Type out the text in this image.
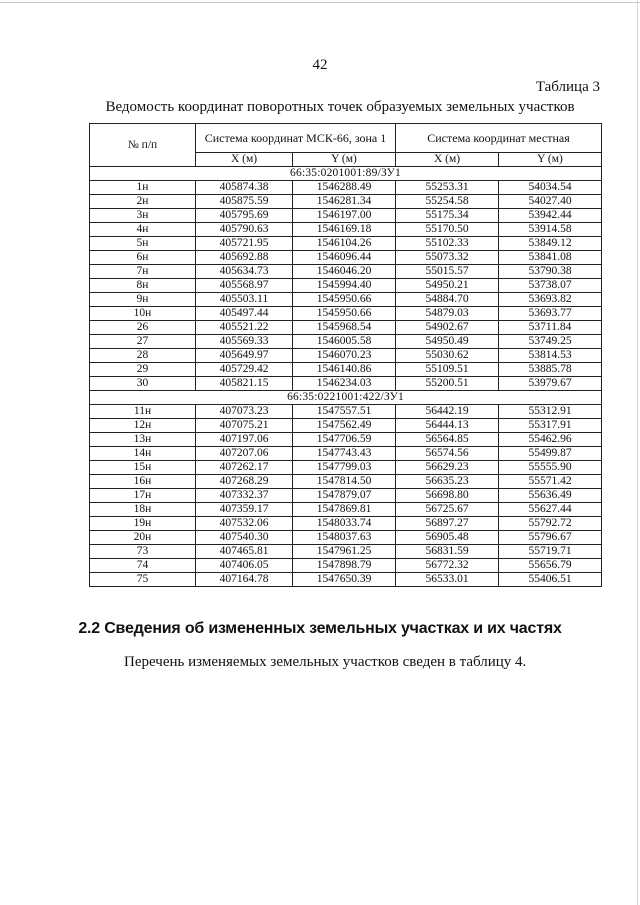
42
Таблица 3
Ведомость координат поворотных точек образуемых земельных участков
№ п/п	Система координат МСК-66, зона 1		Система координат местная	
	X (м)	Y (м)	X (м)	Y (м)
66:35:0201001:89/ЗУ1				
1н	405874.38	1546288.49	55253.31	54034.54
2н	405875.59	1546281.34	55254.58	54027.40
3н	405795.69	1546197.00	55175.34	53942.44
4н	405790.63	1546169.18	55170.50	53914.58
5н	405721.95	1546104.26	55102.33	53849.12
6н	405692.88	1546096.44	55073.32	53841.08
7н	405634.73	1546046.20	55015.57	53790.38
8н	405568.97	1545994.40	54950.21	53738.07
9н	405503.11	1545950.66	54884.70	53693.82
10н	405497.44	1545950.66	54879.03	53693.77
26	405521.22	1545968.54	54902.67	53711.84
27	405569.33	1546005.58	54950.49	53749.25
28	405649.97	1546070.23	55030.62	53814.53
29	405729.42	1546140.86	55109.51	53885.78
30	405821.15	1546234.03	55200.51	53979.67
66:35:0221001:422/ЗУ1				
11н	407073.23	1547557.51	56442.19	55312.91
12н	407075.21	1547562.49	56444.13	55317.91
13н	407197.06	1547706.59	56564.85	55462.96
14н	407207.06	1547743.43	56574.56	55499.87
15н	407262.17	1547799.03	56629.23	55555.90
16н	407268.29	1547814.50	56635.23	55571.42
17н	407332.37	1547879.07	56698.80	55636.49
18н	407359.17	1547869.81	56725.67	55627.44
19н	407532.06	1548033.74	56897.27	55792.72
20н	407540.30	1548037.63	56905.48	55796.67
73	407465.81	1547961.25	56831.59	55719.71
74	407406.05	1547898.79	56772.32	55656.79
75	407164.78	1547650.39	56533.01	55406.51
2.2 Сведения об измененных земельных участках и их частях
Перечень изменяемых земельных участков сведен в таблицу 4.
